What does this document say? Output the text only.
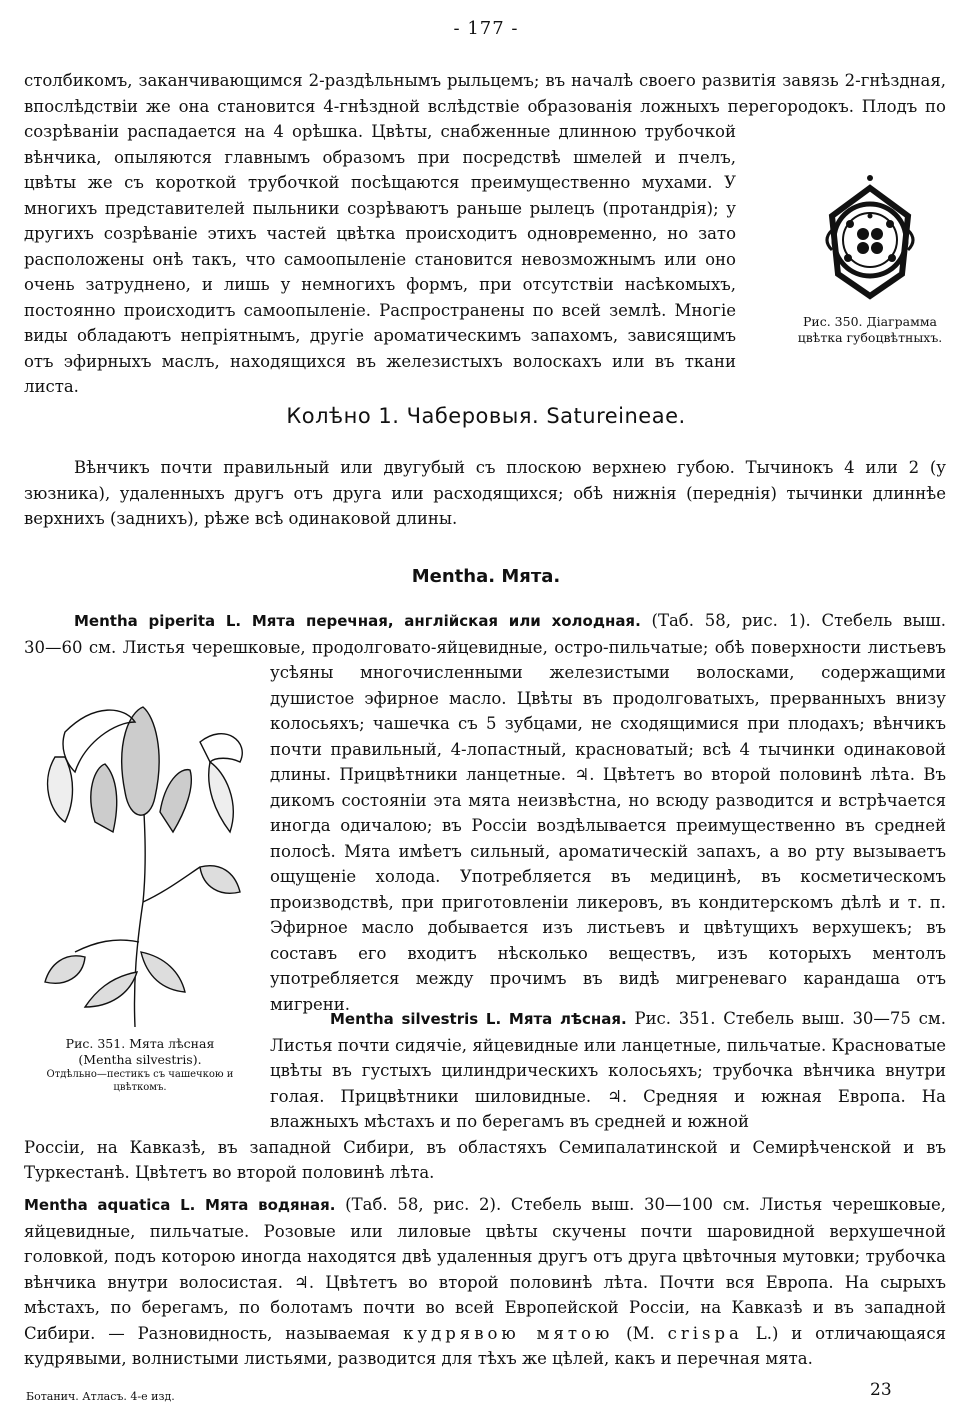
- 177 -
столбикомъ, заканчивающимся 2-раздѣльнымъ рыльцемъ; въ началѣ своего развитія завязь 2-гнѣздная,
впослѣдствіи же она становится 4-гнѣздной вслѣдствіе образованія ложныхъ перегородокъ. Плодъ по
созрѣваніи распадается на 4 орѣшка. Цвѣты, снабженные длинною трубочкой вѣнчика, опыляются главнымъ образомъ при посредствѣ шмелей и пчелъ, цвѣты же съ короткой трубочкой посѣщаются преимущественно мухами. У многихъ представителей пыльники созрѣваютъ раньше рылецъ (протандрія); у другихъ созрѣваніе этихъ частей цвѣтка происходитъ одновременно, но зато расположены онѣ такъ, что самоопыленіе становится невозможнымъ или оно очень затруднено, и лишь у немногихъ формъ, при отсутствіи насѣкомыхъ, постоянно происходитъ самоопыленіе. Распространены по всей землѣ. Многіе виды обладаютъ непріятнымъ, другіе ароматическимъ запахомъ, зависящимъ отъ эфирныхъ маслъ, находящихся въ железистыхъ волоскахъ или въ ткани листа.
Рис. 350. Діаграмма
цвѣтка губоцвѣтныхъ.
Колѣно 1. Чаберовыя. Satureineae.
Вѣнчикъ почти правильный или двугубый съ плоскою верхнею губою. Тычинокъ 4 или 2 (у зюзника), удаленныхъ другъ отъ друга или расходящихся; обѣ нижнія (переднія) тычинки длиннѣе верхнихъ (заднихъ), рѣже всѣ одинаковой длины.
Mentha. Мята.
Mentha piperita L. Мята перечная, англійская или холодная. (Таб. 58, рис. 1). Стебель выш.
30—60 см. Листья черешковые, продолговато-яйцевидные, остро-пильчатые; обѣ поверхности листьевъ
усѣяны многочисленными железистыми волосками, содержащими душистое эфирное масло. Цвѣты въ продолговатыхъ, прерванныхъ внизу колосьяхъ; чашечка съ 5 зубцами, не сходящимися при плодахъ; вѣнчикъ почти правильный, 4-лопастный, красноватый; всѣ 4 тычинки одинаковой длины. Прицвѣтники ланцетные. ♃. Цвѣтетъ во второй половинѣ лѣта. Въ дикомъ состояніи эта мята неизвѣстна, но всюду разводится и встрѣчается иногда одичалою; въ Россіи воздѣлывается преимущественно въ средней полосѣ. Мята имѣетъ сильный, ароматическій запахъ, а во рту вызываетъ ощущеніе холода. Употребляется въ медицинѣ, въ косметическомъ производствѣ, при приготовленіи ликеровъ, въ кондитерскомъ дѣлѣ и т. п. Эфирное масло добывается изъ листьевъ и цвѣтущихъ верхушекъ; въ составъ его входитъ нѣсколько веществъ, изъ которыхъ ментолъ употребляется между прочимъ въ видѣ мигреневаго карандаша отъ мигрени.
Рис. 351. Мята лѣсная
(Mentha silvestris).
Отдѣльно—пестикъ съ чашечкою и цвѣткомъ.
Mentha silvestris L. Мята лѣсная. Рис. 351. Стебель выш. 30—75 см. Листья почти сидячіе, яйцевидные или ланцетные, пильчатые. Красноватые цвѣты въ густыхъ цилиндрическихъ колосьяхъ; трубочка вѣнчика внутри голая. Прицвѣтники шиловидные. ♃. Средняя и южная Европа. На влажныхъ мѣстахъ и по берегамъ въ средней и южной
Россіи, на Кавказѣ, въ западной Сибири, въ областяхъ Семипалатинской и Семирѣченской и въ Туркестанѣ. Цвѣтетъ во второй половинѣ лѣта.
Mentha aquatica L. Мята водяная. (Таб. 58, рис. 2). Стебель выш. 30—100 см. Листья черешковые, яйцевидные, пильчатые. Розовые или лиловые цвѣты скучены почти шаровидной верхушечной головкой, подъ которою иногда находятся двѣ удаленныя другъ отъ друга цвѣточныя мутовки; трубочка вѣнчика внутри волосистая. ♃. Цвѣтетъ во второй половинѣ лѣта. Почти вся Европа. На сырыхъ мѣстахъ, по берегамъ, по болотамъ почти во всей Европейской Россіи, на Кавказѣ и въ западной Сибири. — Разновидность, называемая кудрявою мятою (M. crispa L.) и отличающаяся кудрявыми, волнистыми листьями, разводится для тѣхъ же цѣлей, какъ и перечная мята.
Ботанич. Атласъ. 4-е изд.	23
